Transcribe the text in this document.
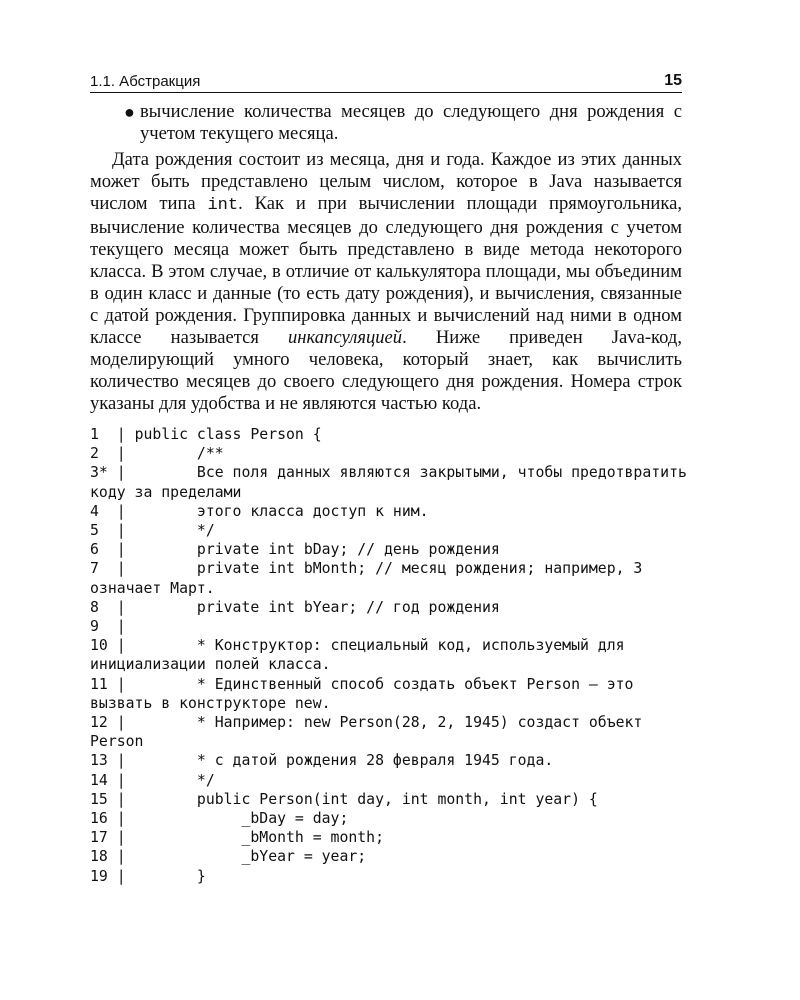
1.1. Абстракция	15
● вычисление количества месяцев до следующего дня рождения с учетом текущего месяца.

Дата рождения состоит из месяца, дня и года. Каждое из этих данных может быть представлено целым числом, которое в Java называется числом типа int. Как и при вычислении площади прямоугольника, вычисление количества месяцев до следующего дня рождения с учетом текущего месяца может быть представлено в виде метода некоторого класса. В этом случае, в отличие от калькулятора площади, мы объединим в один класс и данные (то есть дату рождения), и вычисления, связанные с датой рождения. Группировка данных и вычислений над ними в одном классе называется инкапсуляцией. Ниже приведен Java-код, моделирующий умного человека, который знает, как вычислить количество месяцев до своего следующего дня рождения. Номера строк указаны для удобства и не являются частью кода.

1  | public class Person {
2  |        /**
3* |        Все поля данных являются закрытыми, чтобы предотвратить коду за пределами
4  |        этого класса доступ к ним.
5  |        */
6  |        private int bDay; // день рождения
7  |        private int bMonth; // месяц рождения; например, 3 означает Март.
8  |        private int bYear; // год рождения
9  |
10 |        * Конструктор: специальный код, используемый для инициализации полей класса.
11 |        * Единственный способ создать объект Person — это вызвать в конструкторе new.
12 |        * Например: new Person(28, 2, 1945) создаст объект Person
13 |        * с датой рождения 28 февраля 1945 года.
14 |        */
15 |        public Person(int day, int month, int year) {
16 |             _bDay = day;
17 |             _bMonth = month;
18 |             _bYear = year;
19 |        }
